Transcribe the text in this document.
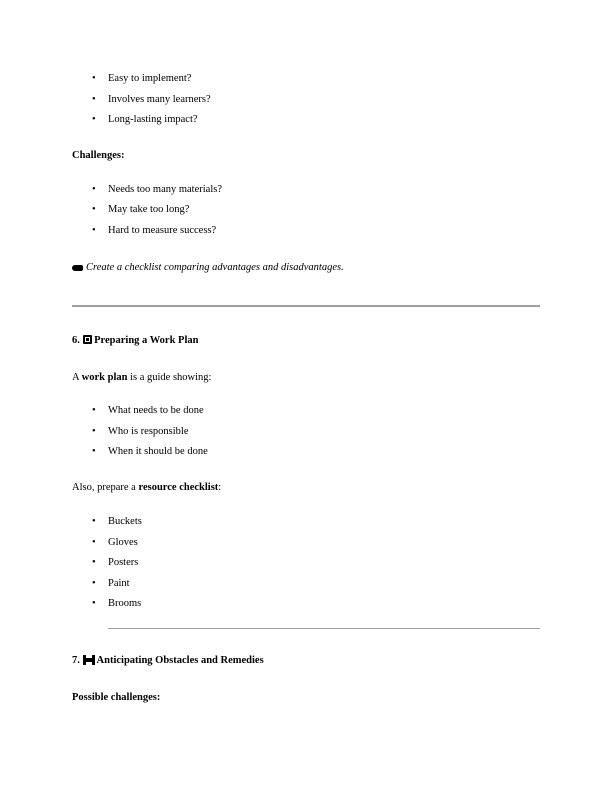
Easy to implement?
Involves many learners?
Long-lasting impact?
Challenges:
Needs too many materials?
May take too long?
Hard to measure success?
Create a checklist comparing advantages and disadvantages.
6. Preparing a Work Plan
A work plan is a guide showing:
What needs to be done
Who is responsible
When it should be done
Also, prepare a resource checklist:
Buckets
Gloves
Posters
Paint
Brooms
7. Anticipating Obstacles and Remedies
Possible challenges:
